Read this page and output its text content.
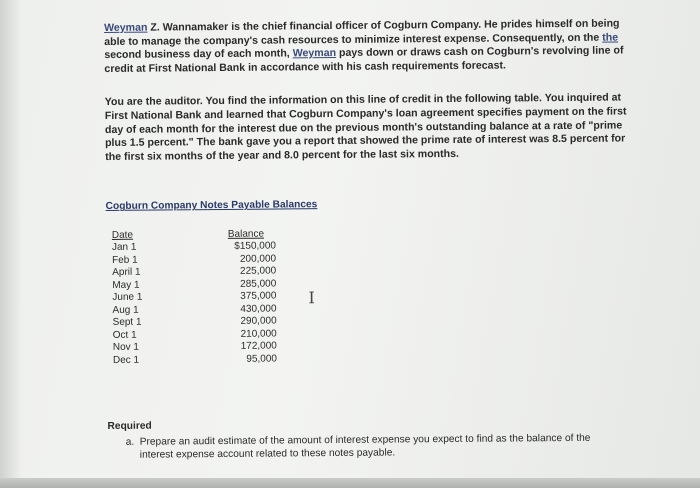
Weyman Z. Wannamaker is the chief financial officer of Cogburn Company. He prides himself on being able to manage the company's cash resources to minimize interest expense. Consequently, on the the second business day of each month, Weyman pays down or draws cash on Cogburn's revolving line of credit at First National Bank in accordance with his cash requirements forecast.

You are the auditor. You find the information on this line of credit in the following table. You inquired at First National Bank and learned that Cogburn Company's loan agreement specifies payment on the first day of each month for the interest due on the previous month's outstanding balance at a rate of "prime plus 1.5 percent." The bank gave you a report that showed the prime rate of interest was 8.5 percent for the first six months of the year and 8.0 percent for the last six months.

Cogburn Company Notes Payable Balances
Date
Jan 1
Feb 1
April 1
May 1
June 1
Aug 1
Sept 1
Oct 1
Nov 1
Dec 1
Balance
$150,000
200,000
225,000
285,000
375,000
430,000
290,000
210,000
172,000
95,000
I
Required
a. Prepare an audit estimate of the amount of interest expense you expect to find as the balance of the interest expense account related to these notes payable.
